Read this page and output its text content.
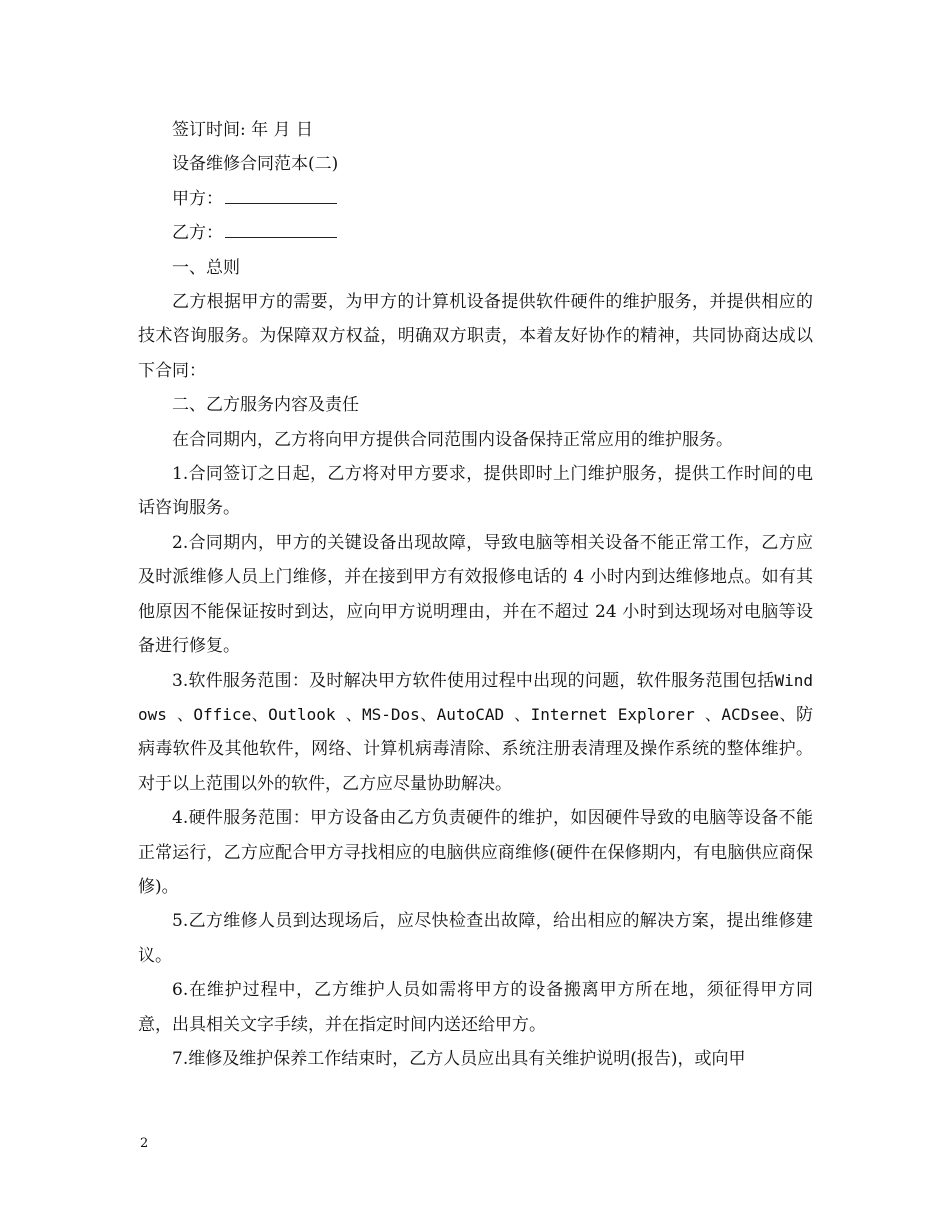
签订时间: 年 月 日

设备维修合同范本(二)

甲方：

乙方：

一、总则

乙方根据甲方的需要，为甲方的计算机设备提供软件硬件的维护服务，并提供相应的技术咨询服务。为保障双方权益，明确双方职责，本着友好协作的精神，共同协商达成以下合同：

二、乙方服务内容及责任

在合同期内，乙方将向甲方提供合同范围内设备保持正常应用的维护服务。

1.合同签订之日起，乙方将对甲方要求，提供即时上门维护服务，提供工作时间的电话咨询服务。

2.合同期内，甲方的关键设备出现故障，导致电脑等相关设备不能正常工作，乙方应及时派维修人员上门维修，并在接到甲方有效报修电话的 4 小时内到达维修地点。如有其他原因不能保证按时到达，应向甲方说明理由，并在不超过 24 小时到达现场对电脑等设备进行修复。

3.软件服务范围：及时解决甲方软件使用过程中出现的问题，软件服务范围包括Windows 、Office、Outlook 、MS-Dos、AutoCAD 、Internet Explorer 、ACDsee、防病毒软件及其他软件，网络、计算机病毒清除、系统注册表清理及操作系统的整体维护。对于以上范围以外的软件，乙方应尽量协助解决。

4.硬件服务范围：甲方设备由乙方负责硬件的维护，如因硬件导致的电脑等设备不能正常运行，乙方应配合甲方寻找相应的电脑供应商维修(硬件在保修期内，有电脑供应商保修)。

5.乙方维修人员到达现场后，应尽快检查出故障，给出相应的解决方案，提出维修建议。

6.在维护过程中，乙方维护人员如需将甲方的设备搬离甲方所在地，须征得甲方同意，出具相关文字手续，并在指定时间内送还给甲方。

7.维修及维护保养工作结束时，乙方人员应出具有关维护说明(报告)，或向甲

2
